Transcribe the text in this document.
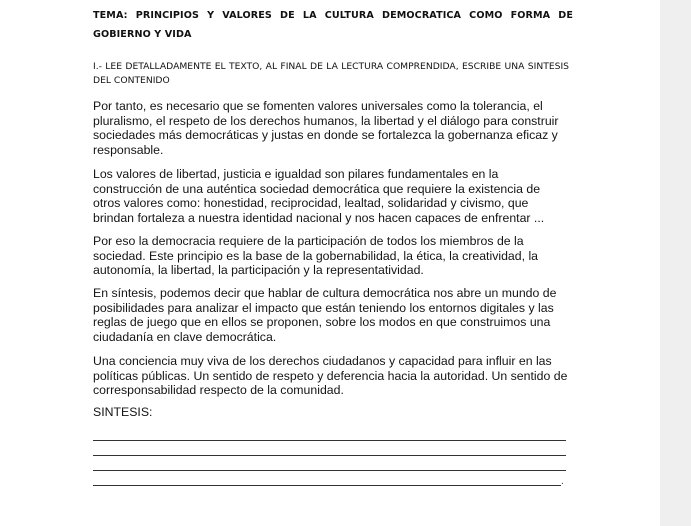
TEMA: PRINCIPIOS Y VALORES DE LA CULTURA DEMOCRATICA COMO FORMA DE GOBIERNO Y VIDA
I.- LEE DETALLADAMENTE EL TEXTO, AL FINAL DE LA LECTURA COMPRENDIDA, ESCRIBE UNA SINTESIS DEL CONTENIDO

Por tanto, es necesario que se fomenten valores universales como la tolerancia, el pluralismo, el respeto de los derechos humanos, la libertad y el diálogo para construir sociedades más democráticas y justas en donde se fortalezca la gobernanza eficaz y responsable.

Los valores de libertad, justicia e igualdad son pilares fundamentales en la construcción de una auténtica sociedad democrática que requiere la existencia de otros valores como: honestidad, reciprocidad, lealtad, solidaridad y civismo, que brindan fortaleza a nuestra identidad nacional y nos hacen capaces de enfrentar ...

Por eso la democracia requiere de la participación de todos los miembros de la sociedad. Este principio es la base de la gobernabilidad, la ética, la creatividad, la autonomía, la libertad, la participación y la representatividad.

En síntesis, podemos decir que hablar de cultura democrática nos abre un mundo de posibilidades para analizar el impacto que están teniendo los entornos digitales y las reglas de juego que en ellos se proponen, sobre los modos en que construimos una ciudadanía en clave democrática.

Una conciencia muy viva de los derechos ciudadanos y capacidad para influir en las políticas públicas. Un sentido de respeto y deferencia hacia la autoridad. Un sentido de corresponsabilidad respecto de la comunidad.

SINTESIS:
.
